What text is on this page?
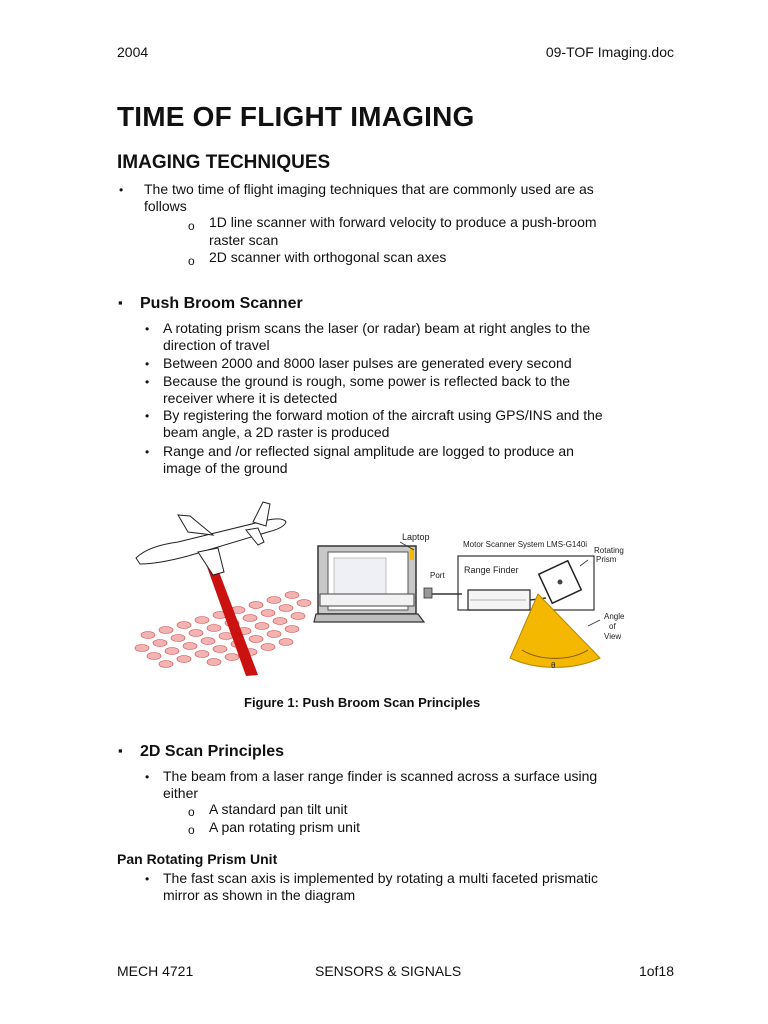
2004	09-TOF Imaging.doc
TIME OF FLIGHT IMAGING
IMAGING TECHNIQUES
• The two time of flight imaging techniques that are commonly used are as
follows
o 1D line scanner with forward velocity to produce a push-broom
raster scan
o 2D scanner with orthogonal scan axes
▪ Push Broom Scanner
• A rotating prism scans the laser (or radar) beam at right angles to the
direction of travel
• Between 2000 and 8000 laser pulses are generated every second
• Because the ground is rough, some power is reflected back to the
receiver where it is detected
• By registering the forward motion of the aircraft using GPS/INS and the
beam angle, a 2D raster is produced
• Range and /or reflected signal amplitude are logged to produce an
image of the ground
Laptop
Motor Scanner System LMS-G140i
Rotating
Prism
Port
Range Finder
Angle
of
View
θ
Figure 1: Push Broom Scan Principles
▪ 2D Scan Principles
• The beam from a laser range finder is scanned across a surface using
either
o A standard pan tilt unit
o A pan rotating prism unit
Pan Rotating Prism Unit
• The fast scan axis is implemented by rotating a multi faceted prismatic
mirror as shown in the diagram
MECH 4721	SENSORS & SIGNALS	1of18
